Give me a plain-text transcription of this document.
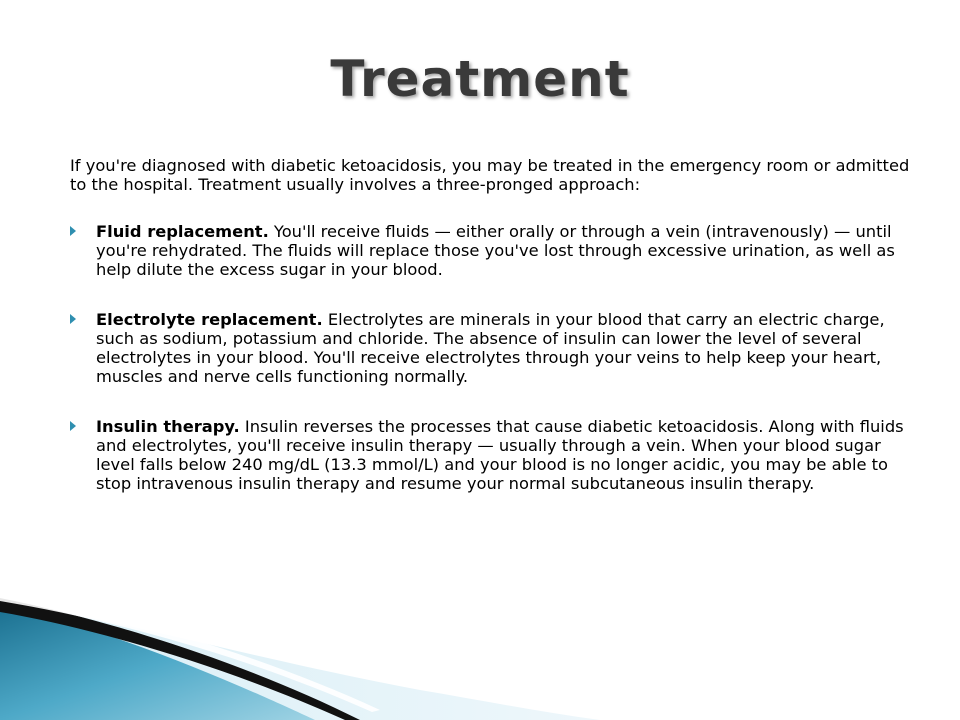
Treatment

If you're diagnosed with diabetic ketoacidosis, you may be treated in the emergency room or admitted to the hospital. Treatment usually involves a three-pronged approach:

Fluid replacement. You'll receive fluids — either orally or through a vein (intravenously) — until you're rehydrated. The fluids will replace those you've lost through excessive urination, as well as help dilute the excess sugar in your blood.
Electrolyte replacement. Electrolytes are minerals in your blood that carry an electric charge, such as sodium, potassium and chloride. The absence of insulin can lower the level of several electrolytes in your blood. You'll receive electrolytes through your veins to help keep your heart, muscles and nerve cells functioning normally.
Insulin therapy. Insulin reverses the processes that cause diabetic ketoacidosis. Along with fluids and electrolytes, you'll receive insulin therapy — usually through a vein. When your blood sugar level falls below 240 mg/dL (13.3 mmol/L) and your blood is no longer acidic, you may be able to stop intravenous insulin therapy and resume your normal subcutaneous insulin therapy.
